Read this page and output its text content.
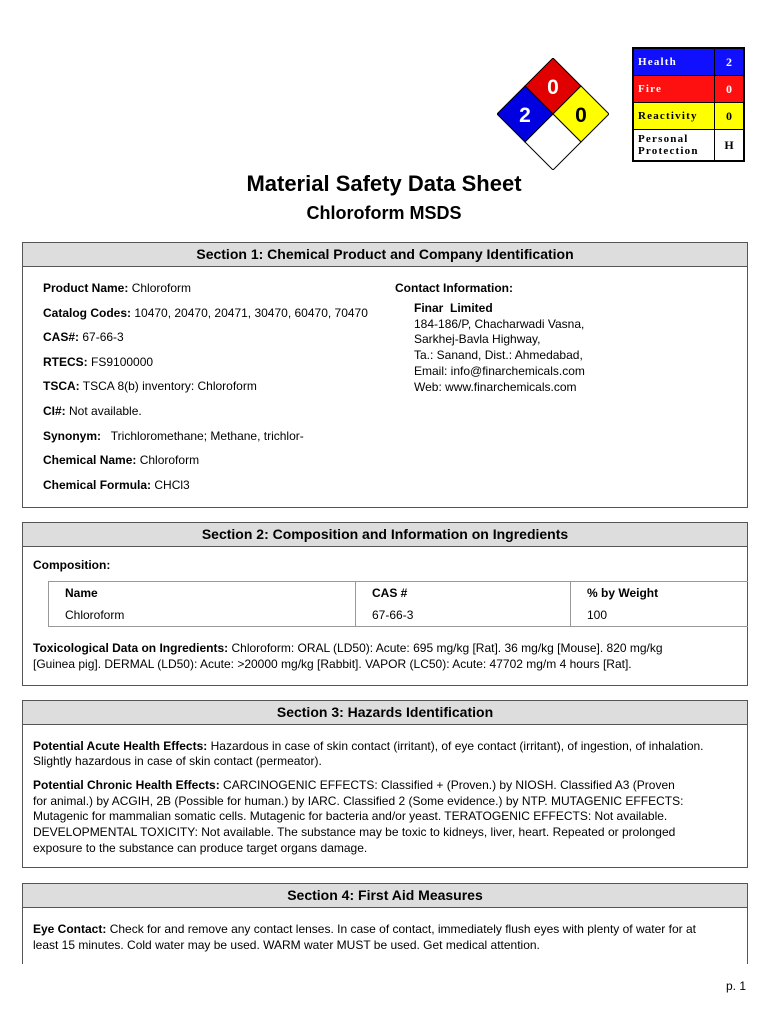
0
2 0
Health	2
Fire	0
Reactivity	0
Personal
Protection	H
Material Safety Data Sheet
Chloroform MSDS
Section 1: Chemical Product and Company Identification
Product Name: Chloroform
Catalog Codes: 10470, 20470, 20471, 30470, 60470, 70470
CAS#: 67-66-3
RTECS: FS9100000
TSCA: TSCA 8(b) inventory: Chloroform
CI#: Not available.
Synonym:   Trichloromethane; Methane, trichlor-
Chemical Name: Chloroform
Chemical Formula: CHCl3
Contact Information:
Finar  Limited
184-186/P, Chacharwadi Vasna,
Sarkhej-Bavla Highway,
Ta.: Sanand, Dist.: Ahmedabad,
Email: info@finarchemicals.com
Web: www.finarchemicals.com
Section 2: Composition and Information on Ingredients
Composition:
Name	CAS #	% by Weight
Chloroform	67-66-3	100
Toxicological Data on Ingredients: Chloroform: ORAL (LD50): Acute: 695 mg/kg [Rat]. 36 mg/kg [Mouse]. 820 mg/kg
[Guinea pig]. DERMAL (LD50): Acute: >20000 mg/kg [Rabbit]. VAPOR (LC50): Acute: 47702 mg/m 4 hours [Rat].
Section 3: Hazards Identification
Potential Acute Health Effects: Hazardous in case of skin contact (irritant), of eye contact (irritant), of ingestion, of inhalation.
Slightly hazardous in case of skin contact (permeator).
Potential Chronic Health Effects: CARCINOGENIC EFFECTS: Classified + (Proven.) by NIOSH. Classified A3 (Proven
for animal.) by ACGIH, 2B (Possible for human.) by IARC. Classified 2 (Some evidence.) by NTP. MUTAGENIC EFFECTS:
Mutagenic for mammalian somatic cells. Mutagenic for bacteria and/or yeast. TERATOGENIC EFFECTS: Not available.
DEVELOPMENTAL TOXICITY: Not available. The substance may be toxic to kidneys, liver, heart. Repeated or prolonged
exposure to the substance can produce target organs damage.
Section 4: First Aid Measures
Eye Contact: Check for and remove any contact lenses. In case of contact, immediately flush eyes with plenty of water for at
least 15 minutes. Cold water may be used. WARM water MUST be used. Get medical attention.
p. 1
